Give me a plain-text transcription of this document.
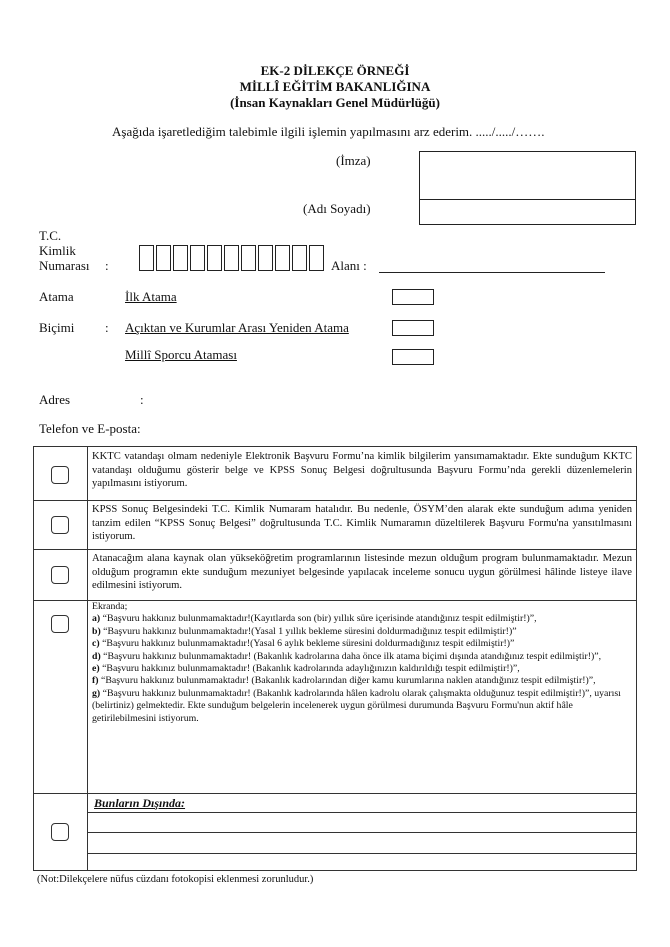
EK-2 DİLEKÇE ÖRNEĞİ
MİLLÎ EĞİTİM BAKANLIĞINA
(İnsan Kaynakları Genel Müdürlüğü)
Aşağıda işaretlediğim talebimle ilgili işlemin yapılmasını arz ederim. ...../...../…….
(İmza)
(Adı Soyadı)
T.C.
Kimlik
Numarası :	Alanı :
Atama	İlk Atama
Biçimi : Açıktan ve Kurumlar Arası Yeniden Atama
Millî Sporcu Ataması
Adres	:
Telefon ve E-posta:
KKTC vatandaşı olmam nedeniyle Elektronik Başvuru Formu’na kimlik bilgilerim yansımamaktadır. Ekte sunduğum KKTC vatandaşı olduğumu gösterir belge ve KPSS Sonuç Belgesi doğrultusunda Başvuru Formu’nda gerekli düzenlemelerin yapılmasını istiyorum.
KPSS Sonuç Belgesindeki T.C. Kimlik Numaram hatalıdır. Bu nedenle, ÖSYM’den alarak ekte sunduğum adıma yeniden tanzim edilen “KPSS Sonuç Belgesi” doğrultusunda T.C. Kimlik Numaramın düzeltilerek Başvuru Formu'na yansıtılmasını istiyorum.
Atanacağım alana kaynak olan yükseköğretim programlarının listesinde mezun olduğum program bulunmamaktadır. Mezun olduğum programın ekte sunduğum mezuniyet belgesinde yapılacak inceleme sonucu uygun görülmesi hâlinde listeye ilave edilmesini istiyorum.
Ekranda;
a) “Başvuru hakkınız bulunmamaktadır!(Kayıtlarda son (bir) yıllık süre içerisinde atandığınız tespit edilmiştir!)”,
b) “Başvuru hakkınız bulunmamaktadır!(Yasal 1 yıllık bekleme süresini doldurmadığınız tespit edilmiştir!)”
c) “Başvuru hakkınız bulunmamaktadır!(Yasal 6 aylık bekleme süresini doldurmadığınız tespit edilmiştir!)”
d) “Başvuru hakkınız bulunmamaktadır! (Bakanlık kadrolarına daha önce ilk atama biçimi dışında atandığınız tespit edilmiştir!)”,
e) “Başvuru hakkınız bulunmamaktadır! (Bakanlık kadrolarında adaylığınızın kaldırıldığı tespit edilmiştir!)”,
f) “Başvuru hakkınız bulunmamaktadır! (Bakanlık kadrolarından diğer kamu kurumlarına naklen atandığınız tespit edilmiştir!)”,
g) “Başvuru hakkınız bulunmamaktadır! (Bakanlık kadrolarında hâlen kadrolu olarak çalışmakta olduğunuz tespit edilmiştir!)”, uyarısı (belirtiniz) gelmektedir. Ekte sunduğum belgelerin incelenerek uygun görülmesi durumunda Başvuru Formu'nun aktif hâle getirilebilmesini istiyorum.
Bunların Dışında:
(Not:Dilekçelere nüfus cüzdanı fotokopisi eklenmesi zorunludur.)
